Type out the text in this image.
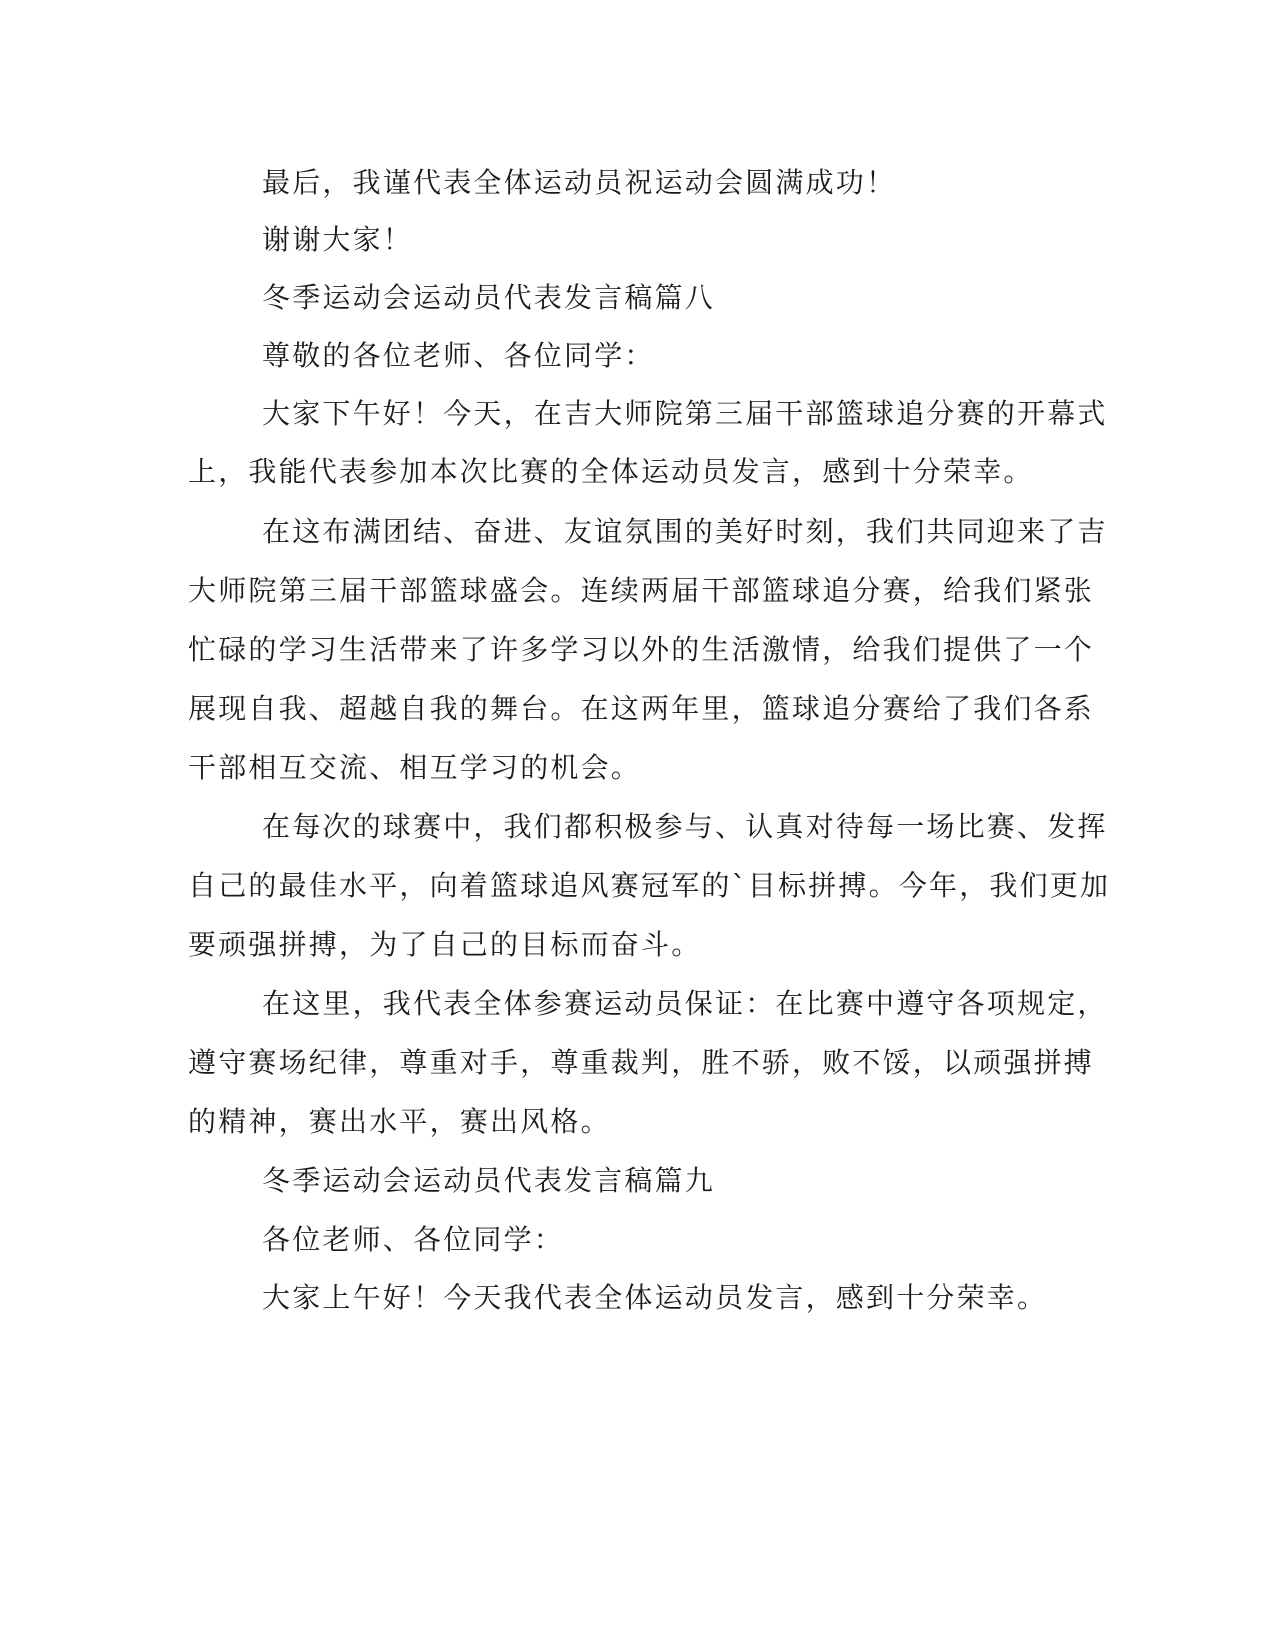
最后，我谨代表全体运动员祝运动会圆满成功！
谢谢大家！
冬季运动会运动员代表发言稿篇八
尊敬的各位老师、各位同学：
大家下午好！今天，在吉大师院第三届干部篮球追分赛的开幕式
上，我能代表参加本次比赛的全体运动员发言，感到十分荣幸。
在这布满团结、奋进、友谊氛围的美好时刻，我们共同迎来了吉
大师院第三届干部篮球盛会。连续两届干部篮球追分赛，给我们紧张
忙碌的学习生活带来了许多学习以外的生活激情，给我们提供了一个
展现自我、超越自我的舞台。在这两年里，篮球追分赛给了我们各系
干部相互交流、相互学习的机会。
在每次的球赛中，我们都积极参与、认真对待每一场比赛、发挥
自己的最佳水平，向着篮球追风赛冠军的`目标拼搏。今年，我们更加
要顽强拼搏，为了自己的目标而奋斗。
在这里，我代表全体参赛运动员保证：在比赛中遵守各项规定，
遵守赛场纪律，尊重对手，尊重裁判，胜不骄，败不馁，以顽强拼搏
的精神，赛出水平，赛出风格。
冬季运动会运动员代表发言稿篇九
各位老师、各位同学：
大家上午好！今天我代表全体运动员发言，感到十分荣幸。
